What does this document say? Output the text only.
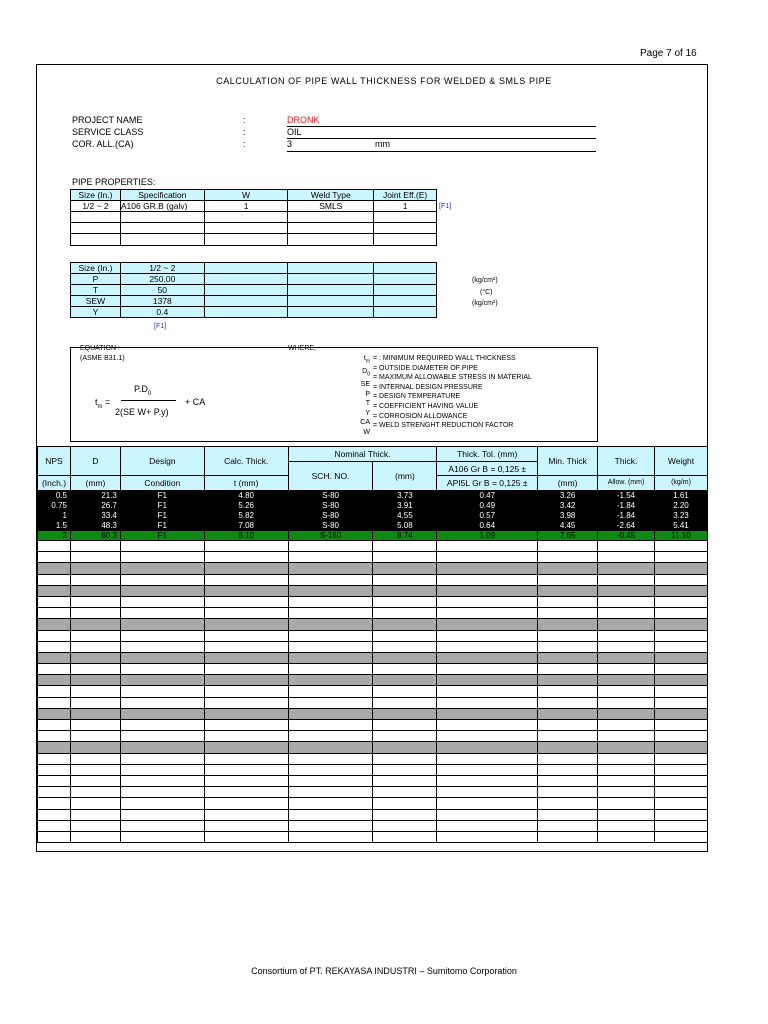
Page 7 of 16
CALCULATION OF PIPE WALL THICKNESS FOR WELDED & SMLS PIPE
PROJECT NAME	:	DRONK
SERVICE CLASS	:	OIL
COR. ALL.(CA)	:	3	mm
PIPE PROPERTIES:
Size (In.)	Specification	W	Weld Type	Joint Eff.(E)
1/2 ~ 2	A106 GR.B (galv)	1	SMLS	1

					[F1]
Size (In.)	1/2 ~ 2			
P	250.00			
T	50			
SEW	1378			
Y	0.4			
[F1]
(kg/cm²)
(°C)
(kg/cm²)
EQUATION :
(ASME B31.1)
WHERE,
$t_m$ =
$P.D_0$
2(SE W+ P.y)
+ CA
$t_m$
$D_0$
SE
P
T
Y
CA
W
= : MINIMUM REQUIRED WALL THICKNESS
= OUTSIDE DIAMETER OF PIPE
= MAXIMUM ALLOWABLE STRESS IN MATERIAL
= INTERNAL DESIGN PRESSURE
= DESIGN TEMPERATURE
= COEFFICIENT HAVING VALUE
= CORROSION ALLOWANCE
= WELD STRENGHT REDUCTION FACTOR
NPS	D	Design	Calc. Thick.	Nominal Thick.		Thick. Tol. (mm)	Min. Thick	Thick.	Weight
				SCH. NO.	(mm)	A106 Gr B = 0,125 ±			
(Inch.)	(mm)	Condition	t (mm)			API5L Gr B = 0,125 ±	(mm)	Allow. (mm)	(kg/m)
0.5	21.3	F1	4.80	S-80	3.73	0.47	3.26	-1.54	1.61
0.75	26.7	F1	5.26	S-80	3.91	0.49	3.42	-1.84	2.20
1	33.4	F1	5.82	S-80	4.55	0.57	3.98	-1.84	3.23
1.5	48.3	F1	7.08	S-80	5.08	0.64	4.45	-2.64	5.41
2	60.3	F1	8.10	S-160	8.74	1.09	7.65	-0.45	11.10

Consortium of PT. REKAYASA INDUSTRI – Sumitomo Corporation
